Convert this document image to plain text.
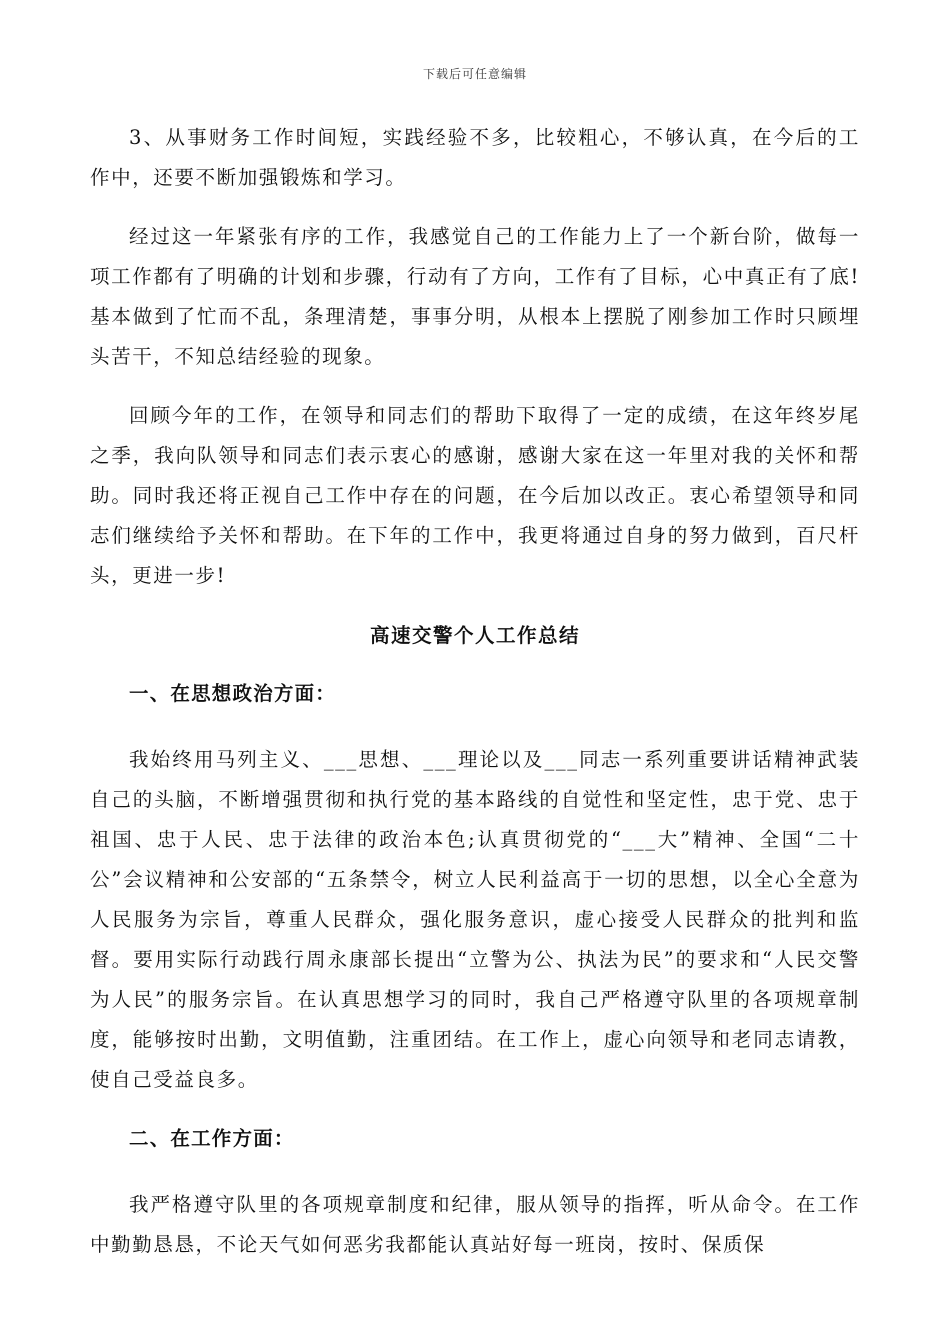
下载后可任意编辑

3、从事财务工作时间短，实践经验不多，比较粗心，不够认真，在今后的工作中，还要不断加强锻炼和学习。

经过这一年紧张有序的工作，我感觉自己的工作能力上了一个新台阶，做每一项工作都有了明确的计划和步骤，行动有了方向，工作有了目标，心中真正有了底!基本做到了忙而不乱，条理清楚，事事分明，从根本上摆脱了刚参加工作时只顾埋头苦干，不知总结经验的现象。

回顾今年的工作，在领导和同志们的帮助下取得了一定的成绩，在这年终岁尾之季，我向队领导和同志们表示衷心的感谢，感谢大家在这一年里对我的关怀和帮助。同时我还将正视自己工作中存在的问题，在今后加以改正。衷心希望领导和同志们继续给予关怀和帮助。在下年的工作中，我更将通过自身的努力做到，百尺杆头，更进一步!

高速交警个人工作总结
一、在思想政治方面：

我始终用马列主义、___思想、___理论以及___同志一系列重要讲话精神武装自己的头脑，不断增强贯彻和执行党的基本路线的自觉性和坚定性，忠于党、忠于祖国、忠于人民、忠于法律的政治本色;认真贯彻党的“___大”精神、全国“二十公”会议精神和公安部的“五条禁令，树立人民利益高于一切的思想，以全心全意为人民服务为宗旨，尊重人民群众，强化服务意识，虚心接受人民群众的批判和监督。要用实际行动践行周永康部长提出“立警为公、执法为民”的要求和“人民交警为人民”的服务宗旨。在认真思想学习的同时，我自己严格遵守队里的各项规章制度，能够按时出勤，文明值勤，注重团结。在工作上，虚心向领导和老同志请教，使自己受益良多。

二、在工作方面：

我严格遵守队里的各项规章制度和纪律，服从领导的指挥，听从命令。在工作中勤勤恳恳，不论天气如何恶劣我都能认真站好每一班岗，按时、保质保
